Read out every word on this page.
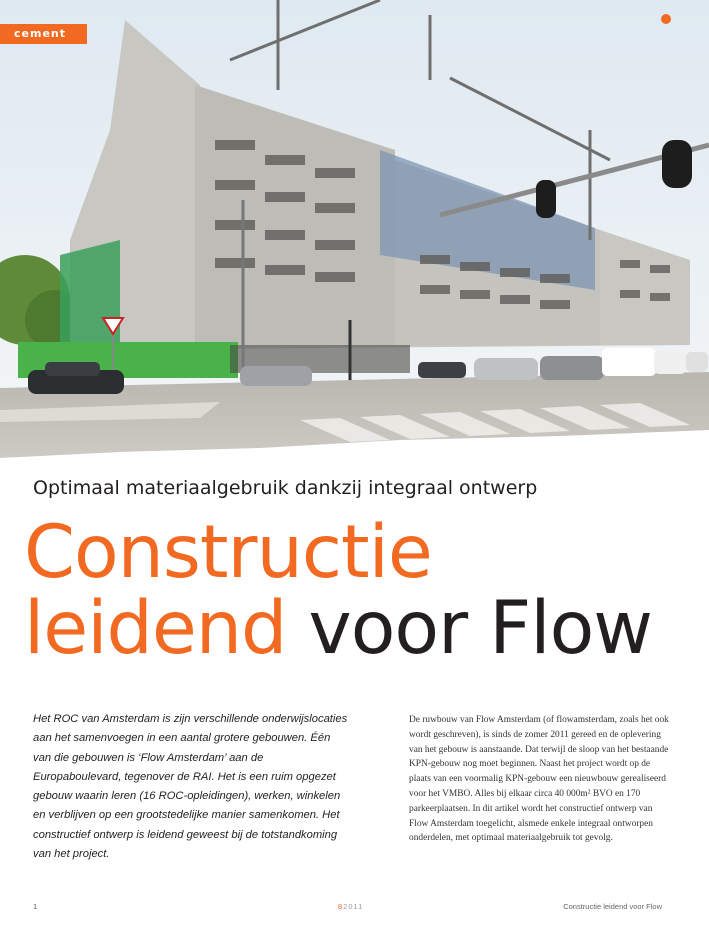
cement
Optimaal materiaalgebruik dankzij integraal ontwerp
Constructie
leidend voor Flow
Het ROC van Amsterdam is zijn verschillende onderwijslocaties aan het samenvoegen in een aantal grotere gebouwen. Één van die gebouwen is ‘Flow Amsterdam’ aan de Europaboulevard, tegenover de RAI. Het is een ruim opgezet gebouw waarin leren (16 ROC-opleidingen), werken, winkelen en verblijven op een grootstedelijke manier samenkomen. Het constructief ontwerp is leidend geweest bij de totstandkoming van het project.
De ruwbouw van Flow Amsterdam (of flowamsterdam, zoals het ook wordt geschreven), is sinds de zomer 2011 gereed en de oplevering van het gebouw is aanstaande. Dat terwijl de sloop van het bestaande KPN-gebouw nog moet beginnen. Naast het project wordt op de plaats van een voormalig KPN-gebouw een nieuwbouw gerealiseerd voor het VMBO. Alles bij elkaar circa 40 000m² BVO en 170 parkeerplaatsen. In dit artikel wordt het constructief ontwerp van Flow Amsterdam toegelicht, alsmede enkele integraal ontworpen onderdelen, met optimaal materiaalgebruik tot gevolg.
1	82011	Constructie leidend voor Flow
